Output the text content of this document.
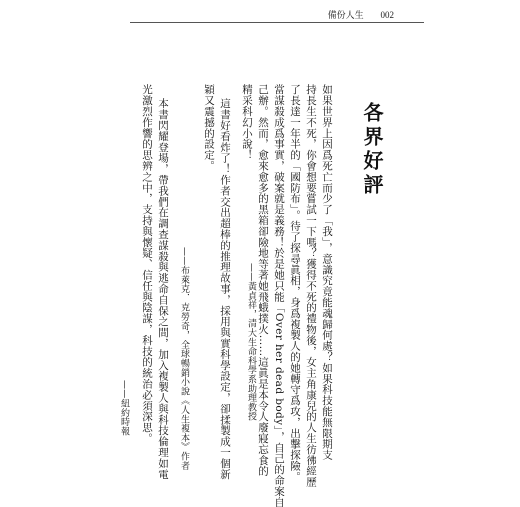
備份人生 002
各界好評
如果世界上因爲死亡而少了「我」，意識究竟能魂歸何處？如果科技能無限期支
持長生不死，你會想要嘗試一下嗎？獲得不死的禮物後，女主角康兒的人生彷彿經歷
了長達一年半的「國防布」。待了探尋眞相，身爲複製人的她轉守爲攻，出擊探險。
當謀殺成爲事實，破案就是義務！於是她只能「Over her dead body」，自己的命案自
己辦。然而，愈來愈多的黑箱卻險地等著她飛蛾撲火……這眞是本令人廢寢忘食的
精采科幻小說！
——黃貞祥，清大生命科學系助理教授
這書好看炸了！作者交出超棒的推理故事，採用與實科學設定，卻揉製成一個新
穎又震撼的設定。
——布萊克．克勞奇，全球暢銷小說《人生複本》作者
本書閃耀登場，帶我們在調查謀殺與逃命自保之間，加入複製人與科技倫理如電
光激烈作響的思辨之中，支持與懷疑、信任與陰謀，科技的統治必須深思。
——紐約時報
